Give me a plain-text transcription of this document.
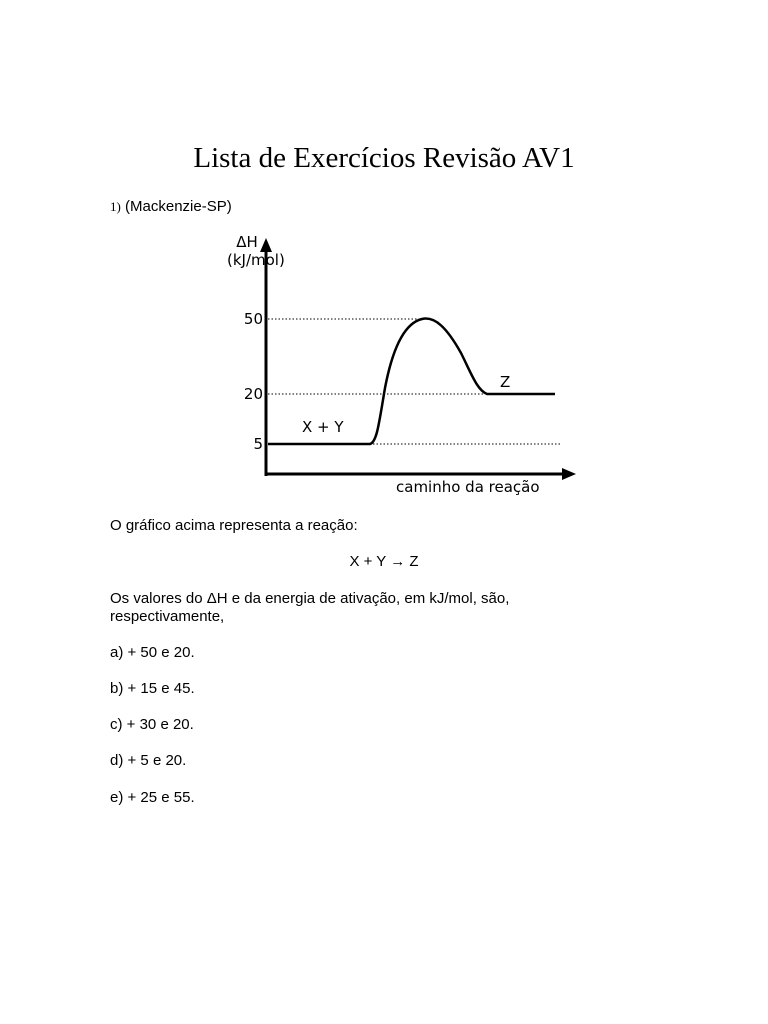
Lista de Exercícios Revisão AV1
1) (Mackenzie-SP)
ΔH
(kJ/mol)
50
20
5
X + Y
Z
caminho da reação
O gráfico acima representa a reação:
X + Y → Z
Os valores do ΔH e da energia de ativação, em kJ/mol, são,
respectivamente,
a) + 50 e 20.
b) + 15 e 45.
c) + 30 e 20.
d) + 5 e 20.
e) + 25 e 55.
